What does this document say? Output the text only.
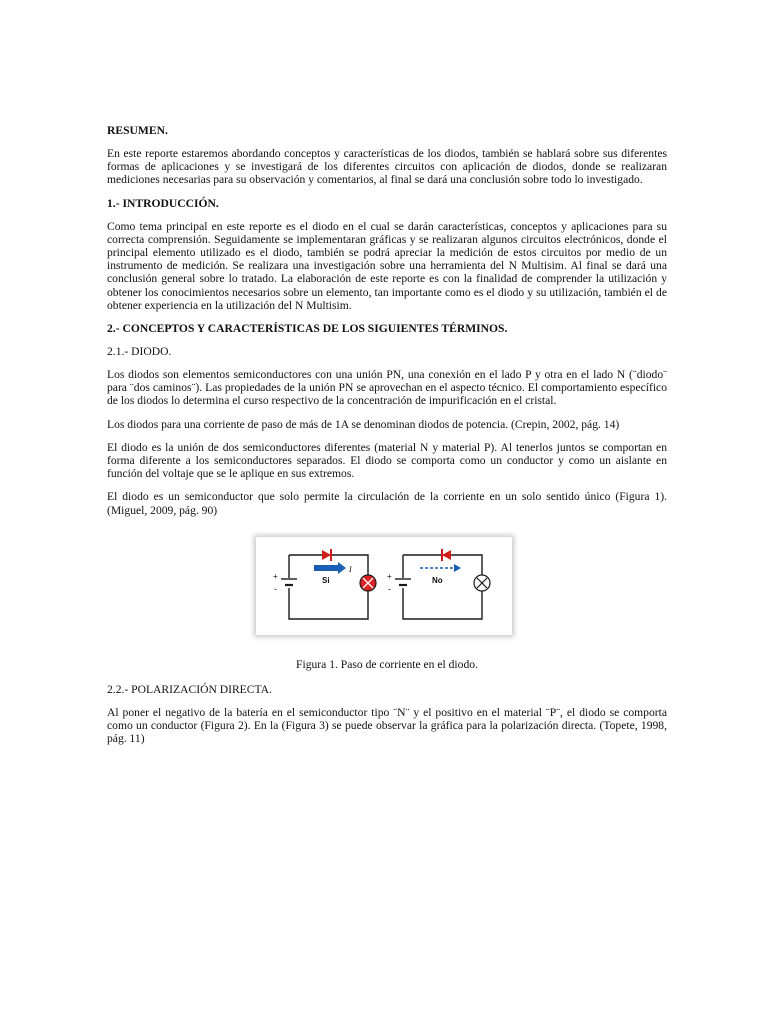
RESUMEN.
En este reporte estaremos abordando conceptos y características de los diodos, también se hablará sobre sus diferentes formas de aplicaciones y se investigará de los diferentes circuitos con aplicación de diodos, donde se realizaran mediciones necesarias para su observación y comentarios, al final se dará una conclusión sobre todo lo investigado.
1.- INTRODUCCIÓN.
Como tema principal en este reporte es el diodo en el cual se darán características, conceptos y aplicaciones para su correcta comprensión. Seguidamente se implementaran gráficas y se realizaran algunos circuitos electrónicos, donde el principal elemento utilizado es el diodo, también se podrá apreciar la medición de estos circuitos por medio de un instrumento de medición. Se realizara una investigación sobre una herramienta del N Multisim. Al final se dará una conclusión general sobre lo tratado. La elaboración de este reporte es con la finalidad de comprender la utilización y obtener los conocimientos necesarios sobre un elemento, tan importante como es el diodo y su utilización, también el de obtener experiencia en la utilización del N Multisim.
2.- CONCEPTOS Y CARACTERÍSTICAS DE LOS SIGUIENTES TÉRMINOS.
2.1.- DIODO.
Los diodos son elementos semiconductores con una unión PN, una conexión en el lado P y otra en el lado N (¨diodo¨ para ¨dos caminos¨). Las propiedades de la unión PN se aprovechan en el aspecto técnico. El comportamiento específico de los diodos lo determina el curso respectivo de la concentración de impurificación en el cristal.
Los diodos para una corriente de paso de más de 1A se denominan diodos de potencia. (Crepin, 2002, pág. 14)
El diodo es la unión de dos semiconductores diferentes (material N y material P). Al tenerlos juntos se comportan en forma diferente a los semiconductores separados. El diodo se comporta como un conductor y como un aislante en función del voltaje que se le aplique en sus extremos.
El diodo es un semiconductor que solo permite la circulación de la corriente en un solo sentido único (Figura 1). (Miguel, 2009, pág. 90)
Si
I
No
+
-
+
-
Figura 1. Paso de corriente en el diodo.
2.2.- POLARIZACIÓN DIRECTA.
Al poner el negativo de la batería en el semiconductor tipo ¨N¨ y el positivo en el material ¨P¨, el diodo se comporta como un conductor (Figura 2). En la (Figura 3) se puede observar la gráfica para la polarización directa. (Topete, 1998, pág. 11)
